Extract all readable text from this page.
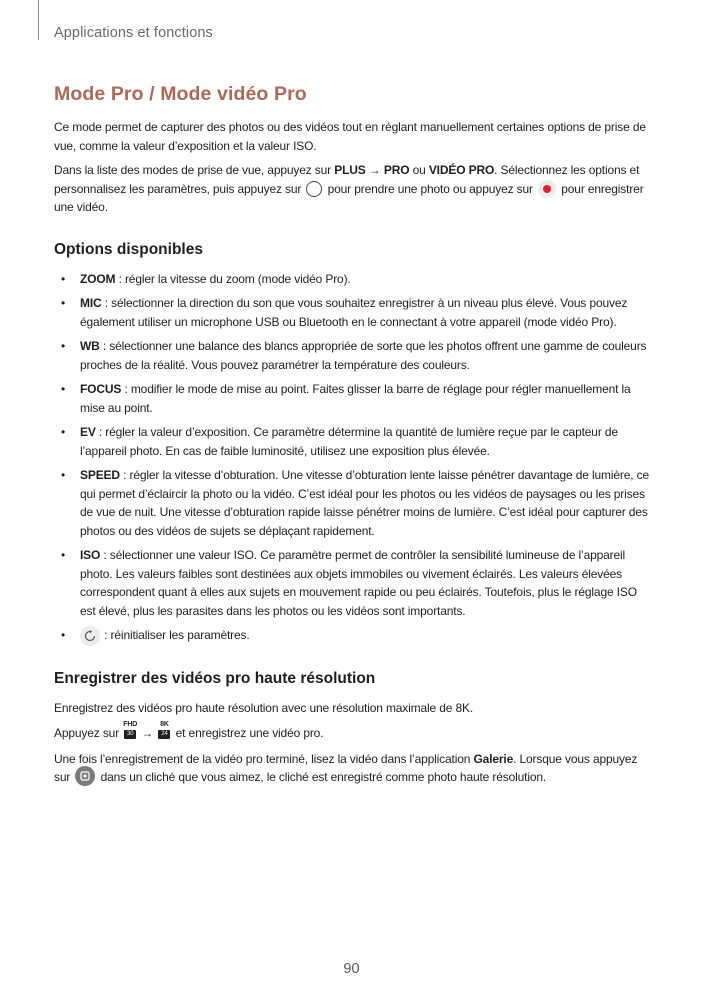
Applications et fonctions
Mode Pro / Mode vidéo Pro

Ce mode permet de capturer des photos ou des vidéos tout en réglant manuellement certaines options de prise de vue, comme la valeur d’exposition et la valeur ISO.

Dans la liste des modes de prise de vue, appuyez sur PLUS → PRO ou VIDÉO PRO. Sélectionnez les options et personnalisez les paramètres, puis appuyez sur  pour prendre une photo ou appuyez sur  pour enregistrer une vidéo.

Options disponibles
• ZOOM : régler la vitesse du zoom (mode vidéo Pro).
• MIC : sélectionner la direction du son que vous souhaitez enregistrer à un niveau plus élevé. Vous pouvez également utiliser un microphone USB ou Bluetooth en le connectant à votre appareil (mode vidéo Pro).
• WB : sélectionner une balance des blancs appropriée de sorte que les photos offrent une gamme de couleurs proches de la réalité. Vous pouvez paramétrer la température des couleurs.
• FOCUS : modifier le mode de mise au point. Faites glisser la barre de réglage pour régler manuellement la mise au point.
• EV : régler la valeur d’exposition. Ce paramètre détermine la quantité de lumière reçue par le capteur de l’appareil photo. En cas de faible luminosité, utilisez une exposition plus élevée.
• SPEED : régler la vitesse d’obturation. Une vitesse d’obturation lente laisse pénétrer davantage de lumière, ce qui permet d’éclaircir la photo ou la vidéo. C’est idéal pour les photos ou les vidéos de paysages ou les prises de vue de nuit. Une vitesse d’obturation rapide laisse pénétrer moins de lumière. C’est idéal pour capturer des photos ou des vidéos de sujets se déplaçant rapidement.
• ISO : sélectionner une valeur ISO. Ce paramètre permet de contrôler la sensibilité lumineuse de l’appareil photo. Les valeurs faibles sont destinées aux objets immobiles ou vivement éclairés. Les valeurs élevées correspondent quant à elles aux sujets en mouvement rapide ou peu éclairés. Toutefois, plus le réglage ISO est élevé, plus les parasites dans les photos ou les vidéos sont importants.
•	: réinitialiser les paramètres.
Enregistrer des vidéos pro haute résolution

Enregistrez des vidéos pro haute résolution avec une résolution maximale de 8K.

Appuyez sur
FHD
30 →
8K
24 et enregistrez une vidéo pro.

Une fois l’enregistrement de la vidéo pro terminé, lisez la vidéo dans l’application Galerie. Lorsque vous appuyez sur
dans un cliché que vous aimez, le cliché est enregistré comme photo haute résolution.

90
